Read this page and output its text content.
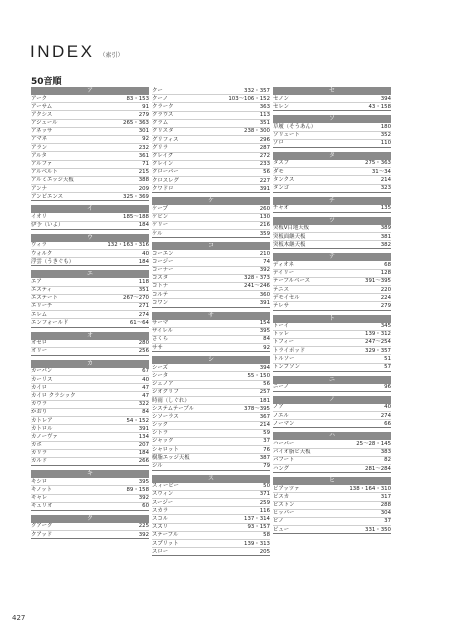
INDEX （索引）
50音順
ア
アーク	83・153
アーサム	91
アクシス	279
アジュール	265・363
アネッサ	301
アマネ	92
アラン	232
アルタ	361
アルファ	71
アルベルト	215
アルミエッジ天板	388
アンナ	209
アンビエンス	325・369
イ
イオリ	185〜188
伊予（いよ）	184
ウ
ヴィラ	132・163・316
ウォルク	40
浮雲（うきぐも）	184
エ
エア	118
エスティ	351
エステート	267〜270
エリーチ	271
エレム	274
エンフォールド	61〜64
オ
オセロ	280
オリー	256
カ
カーバン	67
カーリス	40
カイロ	47
カイロ クラシック	47
カウラ	322
かおり	84
カトレア	54・152
カトロル	391
カノーヴァ	134
カボ	207
カリラ	184
カルド	266
キ
キシロ	395
キノット	89・158
キャレ	392
キュリオ	60
ク
クアーク	225
クアッド	392
クー	332・357
クーノ	103〜106・152
クラーク	363
クラウス	113
クラム	351
クリスタ	238・300
グリフィス	296
グリラ	287
クレイグ	272
クレイン	233
クローバー	56
クロスレグ	227
クワドロ	391
ケ
ケープ	260
ケビン	130
ケリー	216
ケル	359
コ
コーエン	210
コージー	74
コーナー	392
コスタ	328・373
コトナ	241〜246
コルテ	360
コワン	391
サ
サーマ	154
ザイレル	395
さくら	84
ササ	92
シ
シーズ	394
シータ	55・150
ジェノア	56
ジオグリフ	257
時雨（しぐれ）	181
システムテーブル	378〜395
シソーラス	367
シック	214
シトラ	59
ジャック	37
シャロット	76
樹脂エッジ天板	387
ジル	79
ス
スィービー	50
スウィン	371
スージー	259
スカラ	116
スコル	137・314
スズリ	93・157
ステーブル	58
スプリット	139・313
スロー	205
セ
セノン	394
セレン	43・158
ソ
草履（そうあん）	180
ソリュート	352
ゾロ	110
タ
タスブ	275・363
ダモ	31〜34
タンクス	214
タンゴ	323
チ
チャオ	135
ツ
突板V目地天板	389
突板面継天板	381
突板木継天板	382
テ
ディオネ	68
デイリー	128
テーブルベース	391〜395
テニス	220
デモイセル	224
テレサ	279
ト
トーイ	345
トッレ	139・312
トフィー	247〜254
トライポッド	329・357
トルソー	51
トンプソン	57
ニ
ニーノ	96
ノ
ノア	40
ノエル	274
ノーマン	66
ハ
ハーバー	25〜28・145
パイオ脂ビ天板	383
バフート	82
ハング	281〜284
ヒ
ビアッツァ	138・164・310
ビスカ	317
ビストン	288
ヒッパー	304
ビノ	37
ビュー	331・350
427
